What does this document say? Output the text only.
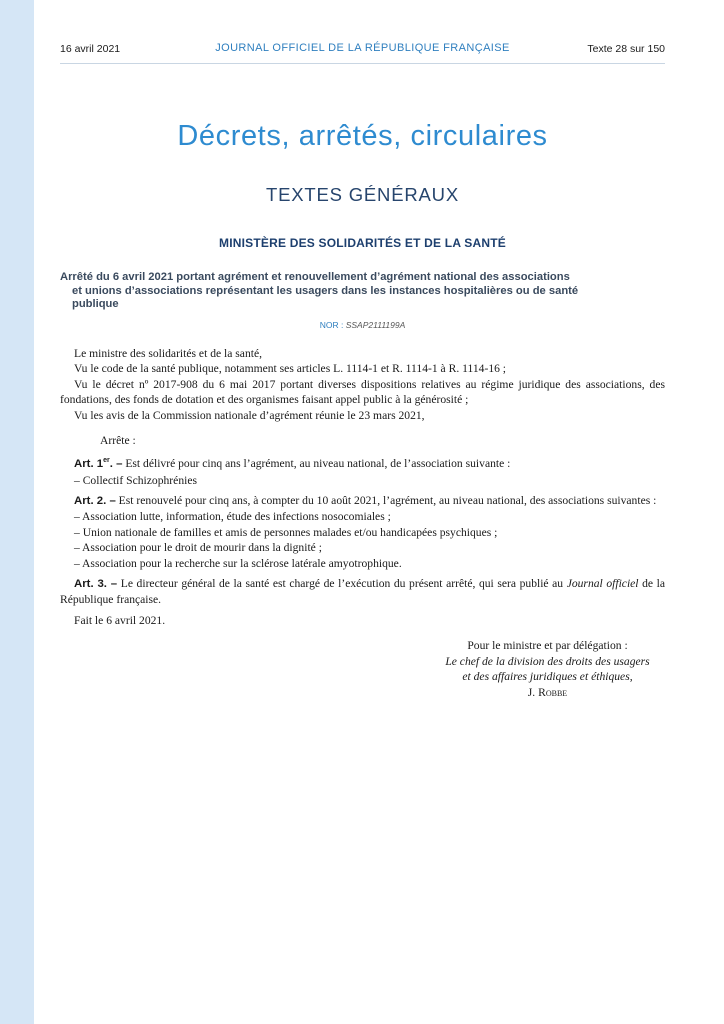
16 avril 2021	JOURNAL OFFICIEL DE LA RÉPUBLIQUE FRANÇAISE	Texte 28 sur 150
Décrets, arrêtés, circulaires
TEXTES GÉNÉRAUX
MINISTÈRE DES SOLIDARITÉS ET DE LA SANTÉ
Arrêté du 6 avril 2021 portant agrément et renouvellement d’agrément national des associations
et unions d’associations représentant les usagers dans les instances hospitalières ou de santé
publique
NOR : SSAP2111199A

Le ministre des solidarités et de la santé,

Vu le code de la santé publique, notamment ses articles L. 1114-1 et R. 1114-1 à R. 1114-16 ;

Vu le décret nº 2017-908 du 6 mai 2017 portant diverses dispositions relatives au régime juridique des associations, des fondations, des fonds de dotation et des organismes faisant appel public à la générosité ;

Vu les avis de la Commission nationale d’agrément réunie le 23 mars 2021,

Arrête :

Art. 1er. – Est délivré pour cinq ans l’agrément, au niveau national, de l’association suivante :

– Collectif Schizophrénies

Art. 2. – Est renouvelé pour cinq ans, à compter du 10 août 2021, l’agrément, au niveau national, des associations suivantes :

– Association lutte, information, étude des infections nosocomiales ;

– Union nationale de familles et amis de personnes malades et/ou handicapées psychiques ;

– Association pour le droit de mourir dans la dignité ;

– Association pour la recherche sur la sclérose latérale amyotrophique.

Art. 3. – Le directeur général de la santé est chargé de l’exécution du présent arrêté, qui sera publié au Journal officiel de la République française.

Fait le 6 avril 2021.

Pour le ministre et par délégation :

Le chef de la division des droits des usagers

et des affaires juridiques et éthiques,

J. Robbe
